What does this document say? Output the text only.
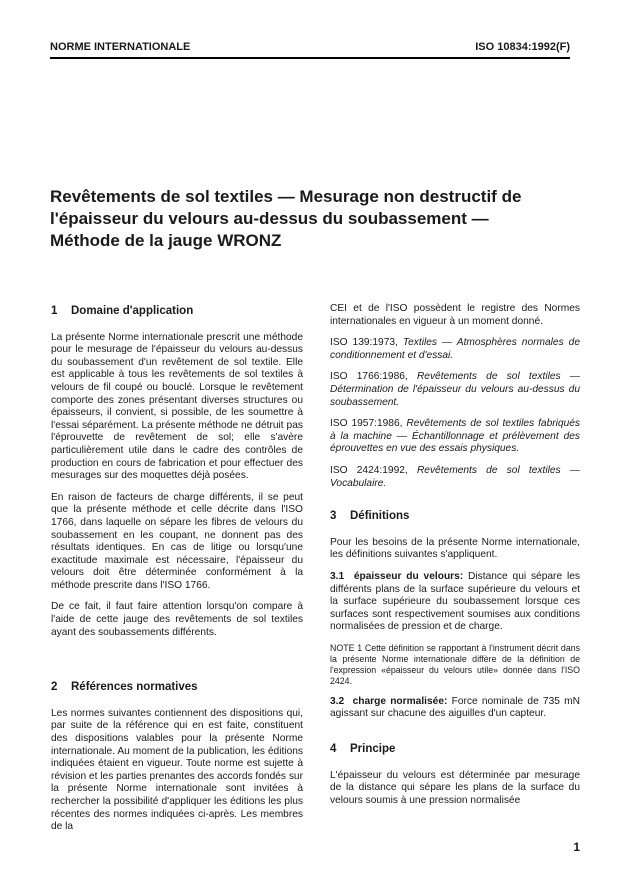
NORME INTERNATIONALE	ISO 10834:1992(F)
Revêtements de sol textiles — Mesurage non destructif de
l'épaisseur du velours au-dessus du soubassement —
Méthode de la jauge WRONZ
1 Domaine d'application

La présente Norme internationale prescrit une méthode pour le mesurage de l'épaisseur du velours au-dessus du soubassement d'un revêtement de sol textile. Elle est applicable à tous les revêtements de sol textiles à velours de fil coupé ou bouclé. Lorsque le revêtement comporte des zones présentant diverses structures ou épaisseurs, il convient, si possible, de les soumettre à l'essai séparément. La présente méthode ne détruit pas l'éprouvette de revêtement de sol; elle s'avère particulièrement utile dans le cadre des contrôles de production en cours de fabrication et pour effectuer des mesurages sur des moquettes déjà posées.

En raison de facteurs de charge différents, il se peut que la présente méthode et celle décrite dans l'ISO 1766, dans laquelle on sépare les fibres de velours du soubassement en les coupant, ne donnent pas des résultats identiques. En cas de litige ou lorsqu'une exactitude maximale est nécessaire, l'épaisseur du velours doit être déterminée conformément à la méthode prescrite dans l'ISO 1766.

De ce fait, il faut faire attention lorsqu'on compare à l'aide de cette jauge des revêtements de sol textiles ayant des soubassements différents.

2 Références normatives

Les normes suivantes contiennent des dispositions qui, par suite de la référence qui en est faite, constituent des dispositions valables pour la présente Norme internationale. Au moment de la publication, les éditions indiquées étaient en vigueur. Toute norme est sujette à révision et les parties prenantes des accords fondés sur la présente Norme internationale sont invitées à rechercher la possibilité d'appliquer les éditions les plus récentes des normes indiquées ci-après. Les membres de la

CEI et de l'ISO possèdent le registre des Normes internationales en vigueur à un moment donné.

ISO 139:1973, Textiles — Atmosphères normales de conditionnement et d'essai.

ISO 1766:1986, Revêtements de sol textiles — Détermination de l'épaisseur du velours au-dessus du soubassement.

ISO 1957:1986, Revêtements de sol textiles fabriqués à la machine — Échantillonnage et prélèvement des éprouvettes en vue des essais physiques.

ISO 2424:1992, Revêtements de sol textiles — Vocabulaire.

3 Définitions

Pour les besoins de la présente Norme internationale, les définitions suivantes s'appliquent.

3.1 épaisseur du velours: Distance qui sépare les différents plans de la surface supérieure du velours et la surface supérieure du soubassement lorsque ces surfaces sont respectivement soumises aux conditions normalisées de pression et de charge.

NOTE 1 Cette définition se rapportant à l'instrument décrit dans la présente Norme internationale diffère de la définition de l'expression «épaisseur du velours utile» donnée dans l'ISO 2424.

3.2 charge normalisée: Force nominale de 735 mN agissant sur chacune des aiguilles d'un capteur.

4 Principe

L'épaisseur du velours est déterminée par mesurage de la distance qui sépare les plans de la surface du velours soumis à une pression normalisée

1
